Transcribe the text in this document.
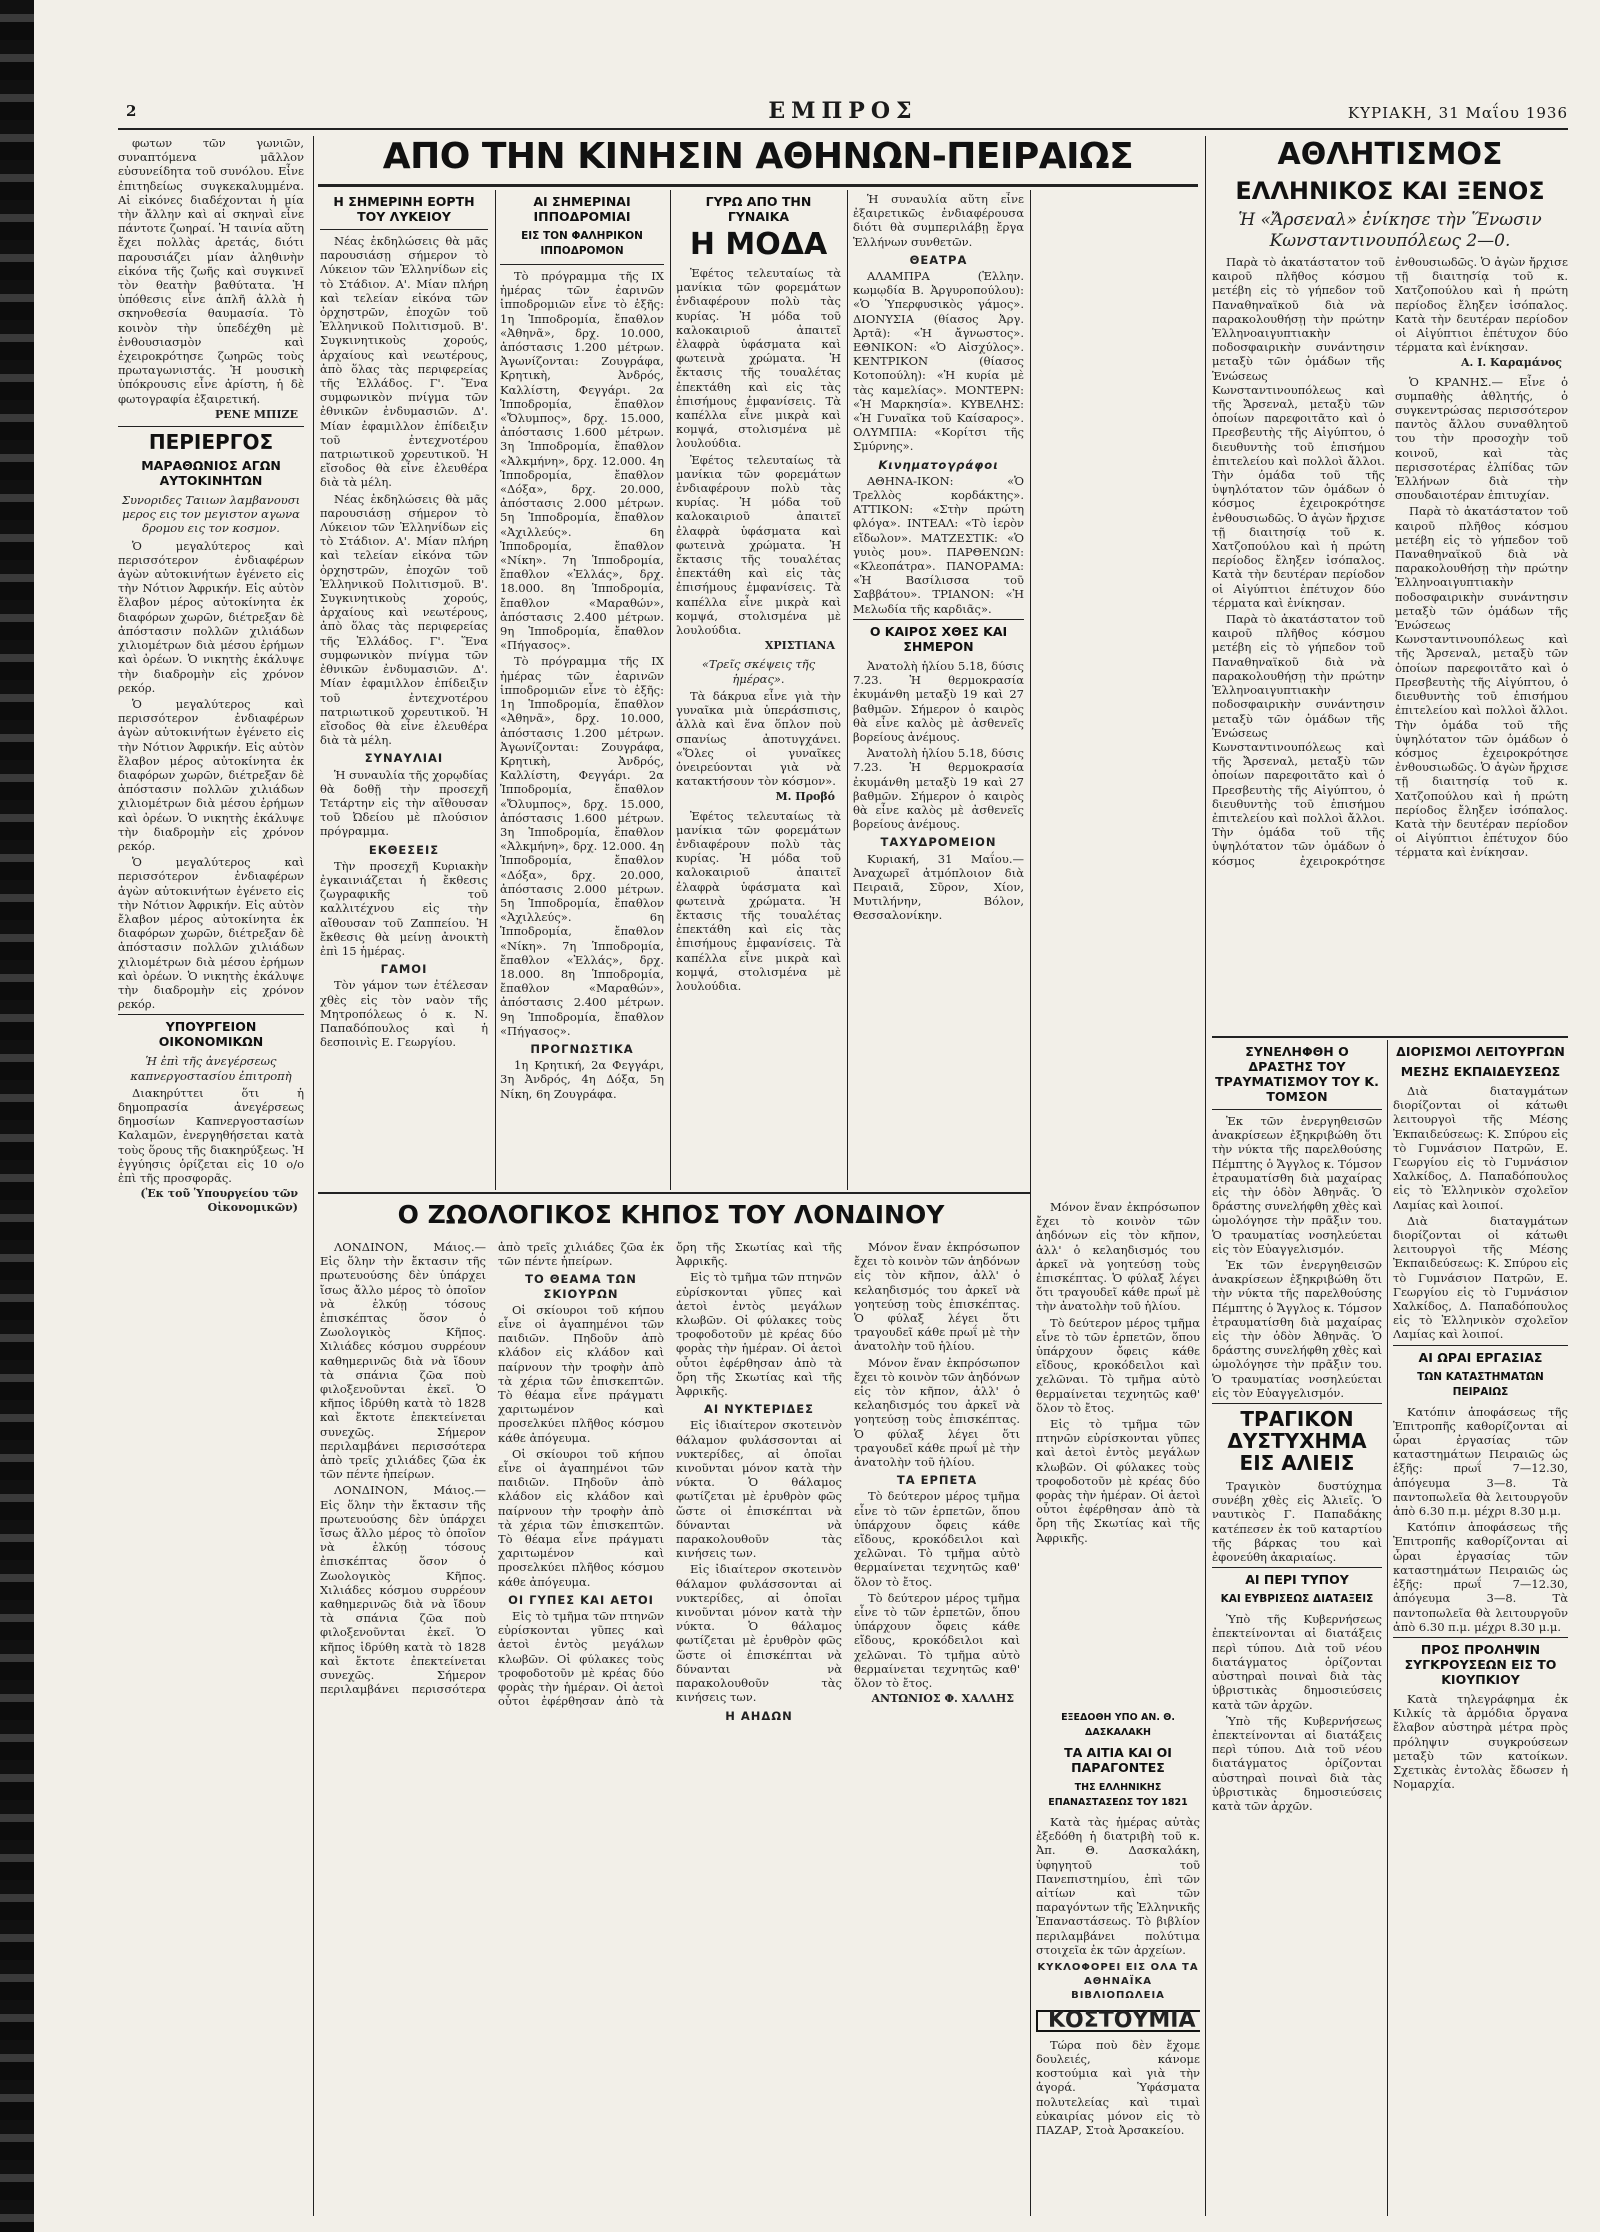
2	ΕΜΠΡΟΣ	ΚΥΡΙΑΚΗ, 31 Μαΐου 1936
ΑΠΟ ΤΗΝ ΚΙΝΗΣΙΝ ΑΘΗΝΩΝ-ΠΕΙΡΑΙΩΣ

φωτων τῶν γωνιῶν, συναπτόμενα μᾶλλον εὐσυνείδητα τοῦ συνόλου. Εἶνε ἐπιτηδείως συγκεκαλυμμένα. Αἱ εἰκόνες διαδέχονται ἡ μία τὴν ἄλλην καὶ αἱ σκηναὶ εἶνε πάντοτε ζωηραί. Ἡ ταινία αὕτη ἔχει πολλὰς ἀρετάς, διότι παρουσιάζει μίαν ἀληθινὴν εἰκόνα τῆς ζωῆς καὶ συγκινεῖ τὸν θεατὴν βαθύτατα. Ἡ ὑπόθεσις εἶνε ἁπλῆ ἀλλὰ ἡ σκηνοθεσία θαυμασία. Τὸ κοινὸν τὴν ὑπεδέχθη μὲ ἐνθουσιασμὸν καὶ ἐχειροκρότησε ζωηρῶς τοὺς πρωταγωνιστάς. Ἡ μουσικὴ ὑπόκρουσις εἶνε ἀρίστη, ἡ δὲ φωτογραφία ἐξαιρετική.

ΡΕΝΕ ΜΠΙΖΕ
ΠΕΡΙΕΡΓΟΣ
ΜΑΡΑΘΩΝΙΟΣ ΑΓΩΝ ΑΥΤΟΚΙΝΗΤΩΝ
Συνοριδες Ταιιων λαμβανουσι μερος εις τον μεγιστον αγωνα δρομου εις τον κοσμον.

Ὁ μεγαλύτερος καὶ περισσότερον ἐνδιαφέρων ἀγὼν αὐτοκινήτων ἐγένετο εἰς τὴν Νότιον Ἀφρικήν. Εἰς αὐτὸν ἔλαβον μέρος αὐτοκίνητα ἐκ διαφόρων χωρῶν, διέτρεξαν δὲ ἀπόστασιν πολλῶν χιλιάδων χιλιομέτρων διὰ μέσου ἐρήμων καὶ ὀρέων. Ὁ νικητὴς ἐκάλυψε τὴν διαδρομὴν εἰς χρόνον ρεκόρ.

Ὁ μεγαλύτερος καὶ περισσότερον ἐνδιαφέρων ἀγὼν αὐτοκινήτων ἐγένετο εἰς τὴν Νότιον Ἀφρικήν. Εἰς αὐτὸν ἔλαβον μέρος αὐτοκίνητα ἐκ διαφόρων χωρῶν, διέτρεξαν δὲ ἀπόστασιν πολλῶν χιλιάδων χιλιομέτρων διὰ μέσου ἐρήμων καὶ ὀρέων. Ὁ νικητὴς ἐκάλυψε τὴν διαδρομὴν εἰς χρόνον ρεκόρ.

Ὁ μεγαλύτερος καὶ περισσότερον ἐνδιαφέρων ἀγὼν αὐτοκινήτων ἐγένετο εἰς τὴν Νότιον Ἀφρικήν. Εἰς αὐτὸν ἔλαβον μέρος αὐτοκίνητα ἐκ διαφόρων χωρῶν, διέτρεξαν δὲ ἀπόστασιν πολλῶν χιλιάδων χιλιομέτρων διὰ μέσου ἐρήμων καὶ ὀρέων. Ὁ νικητὴς ἐκάλυψε τὴν διαδρομὴν εἰς χρόνον ρεκόρ.

ΥΠΟΥΡΓΕΙΟΝ ΟΙΚΟΝΟΜΙΚΩΝ
Ἡ ἐπὶ τῆς ἀνεγέρσεως καπνεργοστασίου ἐπιτροπὴ

Διακηρύττει ὅτι ἡ δημοπρασία ἀνεγέρσεως δημοσίων Καπνεργοστασίων Καλαμῶν, ἐνεργηθήσεται κατὰ τοὺς ὅρους τῆς διακηρύξεως. Ἡ ἐγγύησις ὁρίζεται εἰς 10 ο/ο ἐπὶ τῆς προσφορᾶς.

(Ἐκ τοῦ Ὑπουργείου τῶν Οἰκονομικῶν)
Η ΣΗΜΕΡΙΝΗ ΕΟΡΤΗ ΤΟΥ ΛΥΚΕΙΟΥ

Νέας ἐκδηλώσεις θὰ μᾶς παρουσιάσῃ σήμερον τὸ Λύκειον τῶν Ἑλληνίδων εἰς τὸ Στάδιον. Α'. Μίαν πλήρη καὶ τελείαν εἰκόνα τῶν ὀρχηστρῶν, ἐποχῶν τοῦ Ἑλληνικοῦ Πολιτισμοῦ. Β'. Συγκινητικοὺς χορούς, ἀρχαίους καὶ νεωτέρους, ἀπὸ ὅλας τὰς περιφερείας τῆς Ἑλλάδος. Γ'. Ἕνα συμφωνικὸν πνίγμα τῶν ἐθνικῶν ἐνδυμασιῶν. Δ'. Μίαν ἐφαμιλλον ἐπίδειξιν τοῦ ἐντεχνοτέρου πατριωτικοῦ χορευτικοῦ. Ἡ εἴσοδος θὰ εἶνε ἐλευθέρα διὰ τὰ μέλη.

Νέας ἐκδηλώσεις θὰ μᾶς παρουσιάσῃ σήμερον τὸ Λύκειον τῶν Ἑλληνίδων εἰς τὸ Στάδιον. Α'. Μίαν πλήρη καὶ τελείαν εἰκόνα τῶν ὀρχηστρῶν, ἐποχῶν τοῦ Ἑλληνικοῦ Πολιτισμοῦ. Β'. Συγκινητικοὺς χορούς, ἀρχαίους καὶ νεωτέρους, ἀπὸ ὅλας τὰς περιφερείας τῆς Ἑλλάδος. Γ'. Ἕνα συμφωνικὸν πνίγμα τῶν ἐθνικῶν ἐνδυμασιῶν. Δ'. Μίαν ἐφαμιλλον ἐπίδειξιν τοῦ ἐντεχνοτέρου πατριωτικοῦ χορευτικοῦ. Ἡ εἴσοδος θὰ εἶνε ἐλευθέρα διὰ τὰ μέλη.

ΣΥΝΑΥΛΙΑΙ

Ἡ συναυλία τῆς χορῳδίας θὰ δοθῇ τὴν προσεχῆ Τετάρτην εἰς τὴν αἴθουσαν τοῦ Ὠδείου μὲ πλούσιον πρόγραμμα.

ΕΚΘΕΣΕΙΣ

Τὴν προσεχῆ Κυριακὴν ἐγκαινιάζεται ἡ ἔκθεσις ζωγραφικῆς τοῦ καλλιτέχνου εἰς τὴν αἴθουσαν τοῦ Ζαππείου. Ἡ ἔκθεσις θὰ μείνῃ ἀνοικτὴ ἐπὶ 15 ἡμέρας.

ΓΑΜΟΙ

Τὸν γάμον των ἐτέλεσαν χθὲς εἰς τὸν ναὸν τῆς Μητροπόλεως ὁ κ. Ν. Παπαδόπουλος καὶ ἡ δεσποινὶς Ε. Γεωργίου.

ΑΙ ΣΗΜΕΡΙΝΑΙ ΙΠΠΟΔΡΟΜΙΑΙ
ΕΙΣ ΤΟΝ ΦΑΛΗΡΙΚΟΝ ΙΠΠΟΔΡΟΜΟΝ

Τὸ πρόγραμμα τῆς ΙΧ ἡμέρας τῶν ἐαρινῶν ἱπποδρομιῶν εἶνε τὸ ἑξῆς: 1η Ἱπποδρομία, ἔπαθλον «Ἀθηνᾶ», δρχ. 10.000, ἀπόστασις 1.200 μέτρων. Ἀγωνίζονται: Ζουγράφα, Κρητικὴ, Ἀνδρός, Καλλίστη, Φεγγάρι. 2α Ἱπποδρομία, ἔπαθλον «Ὄλυμπος», δρχ. 15.000, ἀπόστασις 1.600 μέτρων. 3η Ἱπποδρομία, ἔπαθλον «Ἀλκμήνη», δρχ. 12.000. 4η Ἱπποδρομία, ἔπαθλον «Δόξα», δρχ. 20.000, ἀπόστασις 2.000 μέτρων. 5η Ἱπποδρομία, ἔπαθλον «Ἀχιλλεύς». 6η Ἱπποδρομία, ἔπαθλον «Νίκη». 7η Ἱπποδρομία, ἔπαθλον «Ἑλλάς», δρχ. 18.000. 8η Ἱπποδρομία, ἔπαθλον «Μαραθών», ἀπόστασις 2.400 μέτρων. 9η Ἱπποδρομία, ἔπαθλον «Πήγασος».

Τὸ πρόγραμμα τῆς ΙΧ ἡμέρας τῶν ἐαρινῶν ἱπποδρομιῶν εἶνε τὸ ἑξῆς: 1η Ἱπποδρομία, ἔπαθλον «Ἀθηνᾶ», δρχ. 10.000, ἀπόστασις 1.200 μέτρων. Ἀγωνίζονται: Ζουγράφα, Κρητικὴ, Ἀνδρός, Καλλίστη, Φεγγάρι. 2α Ἱπποδρομία, ἔπαθλον «Ὄλυμπος», δρχ. 15.000, ἀπόστασις 1.600 μέτρων. 3η Ἱπποδρομία, ἔπαθλον «Ἀλκμήνη», δρχ. 12.000. 4η Ἱπποδρομία, ἔπαθλον «Δόξα», δρχ. 20.000, ἀπόστασις 2.000 μέτρων. 5η Ἱπποδρομία, ἔπαθλον «Ἀχιλλεύς». 6η Ἱπποδρομία, ἔπαθλον «Νίκη». 7η Ἱπποδρομία, ἔπαθλον «Ἑλλάς», δρχ. 18.000. 8η Ἱπποδρομία, ἔπαθλον «Μαραθών», ἀπόστασις 2.400 μέτρων. 9η Ἱπποδρομία, ἔπαθλον «Πήγασος».

ΠΡΟΓΝΩΣΤΙΚΑ

1η Κρητική, 2α Φεγγάρι, 3η Ἀνδρός, 4η Δόξα, 5η Νίκη, 6η Ζουγράφα.

ΓΥΡΩ ΑΠΟ ΤΗΝ ΓΥΝΑΙΚΑ
Η ΜΟΔΑ

Ἐφέτος τελευταίως τὰ μανίκια τῶν φορεμάτων ἐνδιαφέρουν πολὺ τὰς κυρίας. Ἡ μόδα τοῦ καλοκαιριοῦ ἀπαιτεῖ ἐλαφρὰ ὑφάσματα καὶ φωτεινὰ χρώματα. Ἡ ἔκτασις τῆς τουαλέτας ἐπεκτάθη καὶ εἰς τὰς ἐπισήμους ἐμφανίσεις. Τὰ καπέλλα εἶνε μικρὰ καὶ κομψά, στολισμένα μὲ λουλούδια.

Ἐφέτος τελευταίως τὰ μανίκια τῶν φορεμάτων ἐνδιαφέρουν πολὺ τὰς κυρίας. Ἡ μόδα τοῦ καλοκαιριοῦ ἀπαιτεῖ ἐλαφρὰ ὑφάσματα καὶ φωτεινὰ χρώματα. Ἡ ἔκτασις τῆς τουαλέτας ἐπεκτάθη καὶ εἰς τὰς ἐπισήμους ἐμφανίσεις. Τὰ καπέλλα εἶνε μικρὰ καὶ κομψά, στολισμένα μὲ λουλούδια.

ΧΡΙΣΤΙΑΝΑ
«Τρεῖς σκέψεις τῆς ἡμέρας».

Τὰ δάκρυα εἶνε γιὰ τὴν γυναῖκα μιὰ ὑπεράσπισις, ἀλλὰ καὶ ἕνα ὅπλον ποὺ σπανίως ἀποτυγχάνει. «Ὅλες οἱ γυναῖκες ὀνειρεύονται γιὰ νὰ κατακτήσουν τὸν κόσμον».

Μ. Προβό

Ἐφέτος τελευταίως τὰ μανίκια τῶν φορεμάτων ἐνδιαφέρουν πολὺ τὰς κυρίας. Ἡ μόδα τοῦ καλοκαιριοῦ ἀπαιτεῖ ἐλαφρὰ ὑφάσματα καὶ φωτεινὰ χρώματα. Ἡ ἔκτασις τῆς τουαλέτας ἐπεκτάθη καὶ εἰς τὰς ἐπισήμους ἐμφανίσεις. Τὰ καπέλλα εἶνε μικρὰ καὶ κομψά, στολισμένα μὲ λουλούδια.

Ἡ συναυλία αὕτη εἶνε ἐξαιρετικῶς ἐνδιαφέρουσα διότι θὰ συμπεριλάβῃ ἔργα Ἑλλήνων συνθετῶν.

ΘΕΑΤΡΑ

ΑΛΑΜΠΡΑ (Ἑλλην. κωμῳδία Β. Ἀργυροπούλου): «Ὁ Ὑπερφυσικὸς γάμος». ΔΙΟΝΥΣΙΑ (θίασος Ἀργ. Ἀρτᾶ): «Ἡ ἄγνωστος». ΕΘΝΙΚΟΝ: «Ὁ Αἰσχύλος». ΚΕΝΤΡΙΚΟΝ (θίασος Κοτοπούλη): «Ἡ κυρία μὲ τὰς καμελίας». ΜΟΝΤΕΡΝ: «Ἡ Μαρκησία». ΚΥΒΕΛΗΣ: «Ἡ Γυναῖκα τοῦ Καίσαρος». ΟΛΥΜΠΙΑ: «Κορίτσι τῆς Σμύρνης».

Κινηματογράφοι

ΑΘΗΝΑ-ΙΚΟΝ: «Ὁ Τρελλὸς κορδάκτης». ΑΤΤΙΚΟΝ: «Στὴν πρώτη φλόγα». ΙΝΤΕΑΛ: «Τὸ ἱερὸν εἴδωλον». ΜΑΤΖΕΣΤΙΚ: «Ὁ γυιὸς μου». ΠΑΡΘΕΝΩΝ: «Κλεοπάτρα». ΠΑΝΟΡΑΜΑ: «Ἡ Βασίλισσα τοῦ Σαββάτου». ΤΡΙΑΝΟΝ: «Ἡ Μελωδία τῆς καρδιᾶς».

Ο ΚΑΙΡΟΣ ΧΘΕΣ ΚΑΙ ΣΗΜΕΡΟΝ

Ἀνατολὴ ἡλίου 5.18, δύσις 7.23. Ἡ θερμοκρασία ἐκυμάνθη μεταξὺ 19 καὶ 27 βαθμῶν. Σήμερον ὁ καιρὸς θὰ εἶνε καλὸς μὲ ἀσθενεῖς βορείους ἀνέμους.

Ἀνατολὴ ἡλίου 5.18, δύσις 7.23. Ἡ θερμοκρασία ἐκυμάνθη μεταξὺ 19 καὶ 27 βαθμῶν. Σήμερον ὁ καιρὸς θὰ εἶνε καλὸς μὲ ἀσθενεῖς βορείους ἀνέμους.

ΤΑΧΥΔΡΟΜΕΙΟΝ

Κυριακή, 31 Μαΐου.— Ἀναχωρεῖ ἀτμόπλοιον διὰ Πειραιᾶ, Σῦρον, Χίον, Μυτιλήνην, Βόλον, Θεσσαλονίκην.

ΑΘΛΗΤΙΣΜΟΣ
ΕΛΛΗΝΙΚΟΣ ΚΑΙ ΞΕΝΟΣ
Ἡ «Ἄρσεναλ» ἐνίκησε τὴν Ἕνωσιν Κωνσταντινουπόλεως 2—0.

Παρὰ τὸ ἀκατάστατον τοῦ καιροῦ πλῆθος κόσμου μετέβη εἰς τὸ γήπεδον τοῦ Παναθηναϊκοῦ διὰ νὰ παρακολουθήσῃ τὴν πρώτην Ἑλληνοαιγυπτιακὴν ποδοσφαιρικὴν συνάντησιν μεταξὺ τῶν ὁμάδων τῆς Ἑνώσεως Κωνσταντινουπόλεως καὶ τῆς Ἄρσεναλ, μεταξὺ τῶν ὁποίων παρεφοιτᾶτο καὶ ὁ Πρεσβευτὴς τῆς Αἰγύπτου, ὁ διευθυντὴς τοῦ ἐπισήμου ἐπιτελείου καὶ πολλοὶ ἄλλοι. Τὴν ὁμάδα τοῦ τῆς ὑψηλότατον τῶν ὁμάδων ὁ κόσμος ἐχειροκρότησε ἐνθουσιωδῶς. Ὁ ἀγὼν ἤρχισε τῇ διαιτησίᾳ τοῦ κ. Χατζοπούλου καὶ ἡ πρώτη περίοδος ἔληξεν ἰσόπαλος. Κατὰ τὴν δευτέραν περίοδον οἱ Αἰγύπτιοι ἐπέτυχον δύο τέρματα καὶ ἐνίκησαν.

Παρὰ τὸ ἀκατάστατον τοῦ καιροῦ πλῆθος κόσμου μετέβη εἰς τὸ γήπεδον τοῦ Παναθηναϊκοῦ διὰ νὰ παρακολουθήσῃ τὴν πρώτην Ἑλληνοαιγυπτιακὴν ποδοσφαιρικὴν συνάντησιν μεταξὺ τῶν ὁμάδων τῆς Ἑνώσεως Κωνσταντινουπόλεως καὶ τῆς Ἄρσεναλ, μεταξὺ τῶν ὁποίων παρεφοιτᾶτο καὶ ὁ Πρεσβευτὴς τῆς Αἰγύπτου, ὁ διευθυντὴς τοῦ ἐπισήμου ἐπιτελείου καὶ πολλοὶ ἄλλοι. Τὴν ὁμάδα τοῦ τῆς ὑψηλότατον τῶν ὁμάδων ὁ κόσμος ἐχειροκρότησε ἐνθουσιωδῶς. Ὁ ἀγὼν ἤρχισε τῇ διαιτησίᾳ τοῦ κ. Χατζοπούλου καὶ ἡ πρώτη περίοδος ἔληξεν ἰσόπαλος. Κατὰ τὴν δευτέραν περίοδον οἱ Αἰγύπτιοι ἐπέτυχον δύο τέρματα καὶ ἐνίκησαν.

Α. Ι. Καραμάνος

Ὁ ΚΡΑΝΗΣ.— Εἶνε ὁ συμπαθὴς ἀθλητής, ὁ συγκεντρώσας περισσότερον παντὸς ἄλλου συναθλητοῦ του τὴν προσοχὴν τοῦ κοινοῦ, καὶ τὰς περισσοτέρας ἐλπίδας τῶν Ἑλλήνων διὰ τὴν σπουδαιοτέραν ἐπιτυχίαν.

Παρὰ τὸ ἀκατάστατον τοῦ καιροῦ πλῆθος κόσμου μετέβη εἰς τὸ γήπεδον τοῦ Παναθηναϊκοῦ διὰ νὰ παρακολουθήσῃ τὴν πρώτην Ἑλληνοαιγυπτιακὴν ποδοσφαιρικὴν συνάντησιν μεταξὺ τῶν ὁμάδων τῆς Ἑνώσεως Κωνσταντινουπόλεως καὶ τῆς Ἄρσεναλ, μεταξὺ τῶν ὁποίων παρεφοιτᾶτο καὶ ὁ Πρεσβευτὴς τῆς Αἰγύπτου, ὁ διευθυντὴς τοῦ ἐπισήμου ἐπιτελείου καὶ πολλοὶ ἄλλοι. Τὴν ὁμάδα τοῦ τῆς ὑψηλότατον τῶν ὁμάδων ὁ κόσμος ἐχειροκρότησε ἐνθουσιωδῶς. Ὁ ἀγὼν ἤρχισε τῇ διαιτησίᾳ τοῦ κ. Χατζοπούλου καὶ ἡ πρώτη περίοδος ἔληξεν ἰσόπαλος. Κατὰ τὴν δευτέραν περίοδον οἱ Αἰγύπτιοι ἐπέτυχον δύο τέρματα καὶ ἐνίκησαν.

ΣΥΝΕΛΗΦΘΗ Ο ΔΡΑΣΤΗΣ ΤΟΥ ΤΡΑΥΜΑΤΙΣΜΟΥ ΤΟΥ Κ. ΤΟΜΣΟΝ

Ἐκ τῶν ἐνεργηθεισῶν ἀνακρίσεων ἐξηκριβώθη ὅτι τὴν νύκτα τῆς παρελθούσης Πέμπτης ὁ Ἄγγλος κ. Τόμσον ἐτραυματίσθη διὰ μαχαίρας εἰς τὴν ὁδὸν Ἀθηνᾶς. Ὁ δράστης συνελήφθη χθὲς καὶ ὡμολόγησε τὴν πρᾶξιν του. Ὁ τραυματίας νοσηλεύεται εἰς τὸν Εὐαγγελισμόν.

Ἐκ τῶν ἐνεργηθεισῶν ἀνακρίσεων ἐξηκριβώθη ὅτι τὴν νύκτα τῆς παρελθούσης Πέμπτης ὁ Ἄγγλος κ. Τόμσον ἐτραυματίσθη διὰ μαχαίρας εἰς τὴν ὁδὸν Ἀθηνᾶς. Ὁ δράστης συνελήφθη χθὲς καὶ ὡμολόγησε τὴν πρᾶξιν του. Ὁ τραυματίας νοσηλεύεται εἰς τὸν Εὐαγγελισμόν.

ΤΡΑΓΙΚΟΝ ΔΥΣΤΥΧΗΜΑ ΕΙΣ ΑΛΙΕΙΣ

Τραγικὸν δυστύχημα συνέβη χθὲς εἰς Ἁλιεῖς. Ὁ ναυτικὸς Γ. Παπαδάκης κατέπεσεν ἐκ τοῦ καταρτίου τῆς βάρκας του καὶ ἐφονεύθη ἀκαριαίως.

ΑΙ ΠΕΡΙ ΤΥΠΟΥ
ΚΑΙ ΕΥΒΡΙΣΕΩΣ ΔΙΑΤΑΞΕΙΣ

Ὑπὸ τῆς Κυβερνήσεως ἐπεκτείνονται αἱ διατάξεις περὶ τύπου. Διὰ τοῦ νέου διατάγματος ὁρίζονται αὐστηραὶ ποιναὶ διὰ τὰς ὑβριστικὰς δημοσιεύσεις κατὰ τῶν ἀρχῶν.

Ὑπὸ τῆς Κυβερνήσεως ἐπεκτείνονται αἱ διατάξεις περὶ τύπου. Διὰ τοῦ νέου διατάγματος ὁρίζονται αὐστηραὶ ποιναὶ διὰ τὰς ὑβριστικὰς δημοσιεύσεις κατὰ τῶν ἀρχῶν.

ΔΙΟΡΙΣΜΟΙ ΛΕΙΤΟΥΡΓΩΝ
ΜΕΣΗΣ ΕΚΠΑΙΔΕΥΣΕΩΣ

Διὰ διαταγμάτων διορίζονται οἱ κάτωθι λειτουργοὶ τῆς Μέσης Ἐκπαιδεύσεως: Κ. Σπύρου εἰς τὸ Γυμνάσιον Πατρῶν, Ε. Γεωργίου εἰς τὸ Γυμνάσιον Χαλκίδος, Δ. Παπαδόπουλος εἰς τὸ Ἑλληνικὸν σχολεῖον Λαμίας καὶ λοιποί.

Διὰ διαταγμάτων διορίζονται οἱ κάτωθι λειτουργοὶ τῆς Μέσης Ἐκπαιδεύσεως: Κ. Σπύρου εἰς τὸ Γυμνάσιον Πατρῶν, Ε. Γεωργίου εἰς τὸ Γυμνάσιον Χαλκίδος, Δ. Παπαδόπουλος εἰς τὸ Ἑλληνικὸν σχολεῖον Λαμίας καὶ λοιποί.

ΑΙ ΩΡΑΙ ΕΡΓΑΣΙΑΣ
ΤΩΝ ΚΑΤΑΣΤΗΜΑΤΩΝ ΠΕΙΡΑΙΩΣ

Κατόπιν ἀποφάσεως τῆς Ἐπιτροπῆς καθορίζονται αἱ ὧραι ἐργασίας τῶν καταστημάτων Πειραιῶς ὡς ἑξῆς: πρωΐ 7—12.30, ἀπόγευμα 3—8. Τὰ παντοπωλεῖα θὰ λειτουργοῦν ἀπὸ 6.30 π.μ. μέχρι 8.30 μ.μ.

Κατόπιν ἀποφάσεως τῆς Ἐπιτροπῆς καθορίζονται αἱ ὧραι ἐργασίας τῶν καταστημάτων Πειραιῶς ὡς ἑξῆς: πρωΐ 7—12.30, ἀπόγευμα 3—8. Τὰ παντοπωλεῖα θὰ λειτουργοῦν ἀπὸ 6.30 π.μ. μέχρι 8.30 μ.μ.

ΠΡΟΣ ΠΡΟΛΗΨΙΝ ΣΥΓΚΡΟΥΣΕΩΝ ΕΙΣ ΤΟ ΚΙΟΥΠΚΙΟΥ

Κατὰ τηλεγράφημα ἐκ Κιλκίς τὰ ἀρμόδια ὄργανα ἔλαβον αὐστηρὰ μέτρα πρὸς πρόληψιν συγκρούσεων μεταξὺ τῶν κατοίκων. Σχετικὰς ἐντολὰς ἔδωσεν ἡ Νομαρχία.

Ο ΖΩΟΛΟΓΙΚΟΣ ΚΗΠΟΣ ΤΟΥ ΛΟΝΔΙΝΟΥ

ΛΟΝΔΙΝΟΝ, Μάιος.— Εἰς ὅλην τὴν ἔκτασιν τῆς πρωτευούσης δὲν ὑπάρχει ἴσως ἄλλο μέρος τὸ ὁποῖον νὰ ἑλκύῃ τόσους ἐπισκέπτας ὅσον ὁ Ζωολογικὸς Κῆπος. Χιλιάδες κόσμου συρρέουν καθημερινῶς διὰ νὰ ἴδουν τὰ σπάνια ζῶα ποὺ φιλοξενοῦνται ἐκεῖ. Ὁ κῆπος ἱδρύθη κατὰ τὸ 1828 καὶ ἔκτοτε ἐπεκτείνεται συνεχῶς. Σήμερον περιλαμβάνει περισσότερα ἀπὸ τρεῖς χιλιάδες ζῶα ἐκ τῶν πέντε ἠπείρων.

ΛΟΝΔΙΝΟΝ, Μάιος.— Εἰς ὅλην τὴν ἔκτασιν τῆς πρωτευούσης δὲν ὑπάρχει ἴσως ἄλλο μέρος τὸ ὁποῖον νὰ ἑλκύῃ τόσους ἐπισκέπτας ὅσον ὁ Ζωολογικὸς Κῆπος. Χιλιάδες κόσμου συρρέουν καθημερινῶς διὰ νὰ ἴδουν τὰ σπάνια ζῶα ποὺ φιλοξενοῦνται ἐκεῖ. Ὁ κῆπος ἱδρύθη κατὰ τὸ 1828 καὶ ἔκτοτε ἐπεκτείνεται συνεχῶς. Σήμερον περιλαμβάνει περισσότερα ἀπὸ τρεῖς χιλιάδες ζῶα ἐκ τῶν πέντε ἠπείρων.

ΤΟ ΘΕΑΜΑ ΤΩΝ ΣΚΙΟΥΡΩΝ

Οἱ σκίουροι τοῦ κήπου εἶνε οἱ ἀγαπημένοι τῶν παιδιῶν. Πηδοῦν ἀπὸ κλάδον εἰς κλάδον καὶ παίρνουν τὴν τροφὴν ἀπὸ τὰ χέρια τῶν ἐπισκεπτῶν. Τὸ θέαμα εἶνε πράγματι χαριτωμένον καὶ προσελκύει πλῆθος κόσμου κάθε ἀπόγευμα.

Οἱ σκίουροι τοῦ κήπου εἶνε οἱ ἀγαπημένοι τῶν παιδιῶν. Πηδοῦν ἀπὸ κλάδον εἰς κλάδον καὶ παίρνουν τὴν τροφὴν ἀπὸ τὰ χέρια τῶν ἐπισκεπτῶν. Τὸ θέαμα εἶνε πράγματι χαριτωμένον καὶ προσελκύει πλῆθος κόσμου κάθε ἀπόγευμα.

ΟΙ ΓΥΠΕΣ ΚΑΙ ΑΕΤΟΙ

Εἰς τὸ τμῆμα τῶν πτηνῶν εὑρίσκονται γῦπες καὶ ἀετοὶ ἐντὸς μεγάλων κλωβῶν. Οἱ φύλακες τοὺς τροφοδοτοῦν μὲ κρέας δύο φορὰς τὴν ἡμέραν. Οἱ ἀετοὶ οὗτοι ἐφέρθησαν ἀπὸ τὰ ὄρη τῆς Σκωτίας καὶ τῆς Ἀφρικῆς.

Εἰς τὸ τμῆμα τῶν πτηνῶν εὑρίσκονται γῦπες καὶ ἀετοὶ ἐντὸς μεγάλων κλωβῶν. Οἱ φύλακες τοὺς τροφοδοτοῦν μὲ κρέας δύο φορὰς τὴν ἡμέραν. Οἱ ἀετοὶ οὗτοι ἐφέρθησαν ἀπὸ τὰ ὄρη τῆς Σκωτίας καὶ τῆς Ἀφρικῆς.

ΑΙ ΝΥΚΤΕΡΙΔΕΣ

Εἰς ἰδιαίτερον σκοτεινὸν θάλαμον φυλάσσονται αἱ νυκτερίδες, αἱ ὁποῖαι κινοῦνται μόνον κατὰ τὴν νύκτα. Ὁ θάλαμος φωτίζεται μὲ ἐρυθρὸν φῶς ὥστε οἱ ἐπισκέπται νὰ δύνανται νὰ παρακολουθοῦν τὰς κινήσεις των.

Εἰς ἰδιαίτερον σκοτεινὸν θάλαμον φυλάσσονται αἱ νυκτερίδες, αἱ ὁποῖαι κινοῦνται μόνον κατὰ τὴν νύκτα. Ὁ θάλαμος φωτίζεται μὲ ἐρυθρὸν φῶς ὥστε οἱ ἐπισκέπται νὰ δύνανται νὰ παρακολουθοῦν τὰς κινήσεις των.

Η ΑΗΔΩΝ

Μόνον ἕναν ἐκπρόσωπον ἔχει τὸ κοινὸν τῶν ἀηδόνων εἰς τὸν κῆπον, ἀλλ' ὁ κελαηδισμός του ἀρκεῖ νὰ γοητεύσῃ τοὺς ἐπισκέπτας. Ὁ φύλαξ λέγει ὅτι τραγουδεῖ κάθε πρωΐ μὲ τὴν ἀνατολὴν τοῦ ἡλίου.

Μόνον ἕναν ἐκπρόσωπον ἔχει τὸ κοινὸν τῶν ἀηδόνων εἰς τὸν κῆπον, ἀλλ' ὁ κελαηδισμός του ἀρκεῖ νὰ γοητεύσῃ τοὺς ἐπισκέπτας. Ὁ φύλαξ λέγει ὅτι τραγουδεῖ κάθε πρωΐ μὲ τὴν ἀνατολὴν τοῦ ἡλίου.

ΤΑ ΕΡΠΕΤΑ

Τὸ δεύτερον μέρος τμῆμα εἶνε τὸ τῶν ἑρπετῶν, ὅπου ὑπάρχουν ὄφεις κάθε εἴδους, κροκόδειλοι καὶ χελῶναι. Τὸ τμῆμα αὐτὸ θερμαίνεται τεχνητῶς καθ' ὅλον τὸ ἔτος.

Τὸ δεύτερον μέρος τμῆμα εἶνε τὸ τῶν ἑρπετῶν, ὅπου ὑπάρχουν ὄφεις κάθε εἴδους, κροκόδειλοι καὶ χελῶναι. Τὸ τμῆμα αὐτὸ θερμαίνεται τεχνητῶς καθ' ὅλον τὸ ἔτος.

ΑΝΤΩΝΙΟΣ Φ. ΧΑΛΛΗΣ
ΕΞΕΔΟΘΗ ΥΠΟ ΑΝ. Θ. ΔΑΣΚΑΛΑΚΗ
ΤΑ ΑΙΤΙΑ ΚΑΙ ΟΙ ΠΑΡΑΓΟΝΤΕΣ
ΤΗΣ ΕΛΛΗΝΙΚΗΣ ΕΠΑΝΑΣΤΑΣΕΩΣ ΤΟΥ 1821

Κατὰ τὰς ἡμέρας αὐτὰς ἐξεδόθη ἡ διατριβὴ τοῦ κ. Ἀπ. Θ. Δασκαλάκη, ὑφηγητοῦ τοῦ Πανεπιστημίου, ἐπὶ τῶν αἰτίων καὶ τῶν παραγόντων τῆς Ἑλληνικῆς Ἐπαναστάσεως. Τὸ βιβλίον περιλαμβάνει πολύτιμα στοιχεῖα ἐκ τῶν ἀρχείων.

ΚΥΚΛΟΦΟΡΕΙ ΕΙΣ ΟΛΑ ΤΑ ΑΘΗΝΑΪΚΑ ΒΙΒΛΙΟΠΩΛΕΙΑ
ΚΟΣΤΟΥΜΙΑ

Τώρα ποὺ δὲν ἔχομε δουλειές, κάνομε κοστούμια καὶ γιὰ τὴν ἀγορά. Ὑφάσματα πολυτελείας καὶ τιμαὶ εὐκαιρίας μόνον εἰς τὸ ΠΑΖΑΡ, Στοὰ Ἀρσακείου.

Μόνον ἕναν ἐκπρόσωπον ἔχει τὸ κοινὸν τῶν ἀηδόνων εἰς τὸν κῆπον, ἀλλ' ὁ κελαηδισμός του ἀρκεῖ νὰ γοητεύσῃ τοὺς ἐπισκέπτας. Ὁ φύλαξ λέγει ὅτι τραγουδεῖ κάθε πρωΐ μὲ τὴν ἀνατολὴν τοῦ ἡλίου.

Τὸ δεύτερον μέρος τμῆμα εἶνε τὸ τῶν ἑρπετῶν, ὅπου ὑπάρχουν ὄφεις κάθε εἴδους, κροκόδειλοι καὶ χελῶναι. Τὸ τμῆμα αὐτὸ θερμαίνεται τεχνητῶς καθ' ὅλον τὸ ἔτος.

Εἰς τὸ τμῆμα τῶν πτηνῶν εὑρίσκονται γῦπες καὶ ἀετοὶ ἐντὸς μεγάλων κλωβῶν. Οἱ φύλακες τοὺς τροφοδοτοῦν μὲ κρέας δύο φορὰς τὴν ἡμέραν. Οἱ ἀετοὶ οὗτοι ἐφέρθησαν ἀπὸ τὰ ὄρη τῆς Σκωτίας καὶ τῆς Ἀφρικῆς.
